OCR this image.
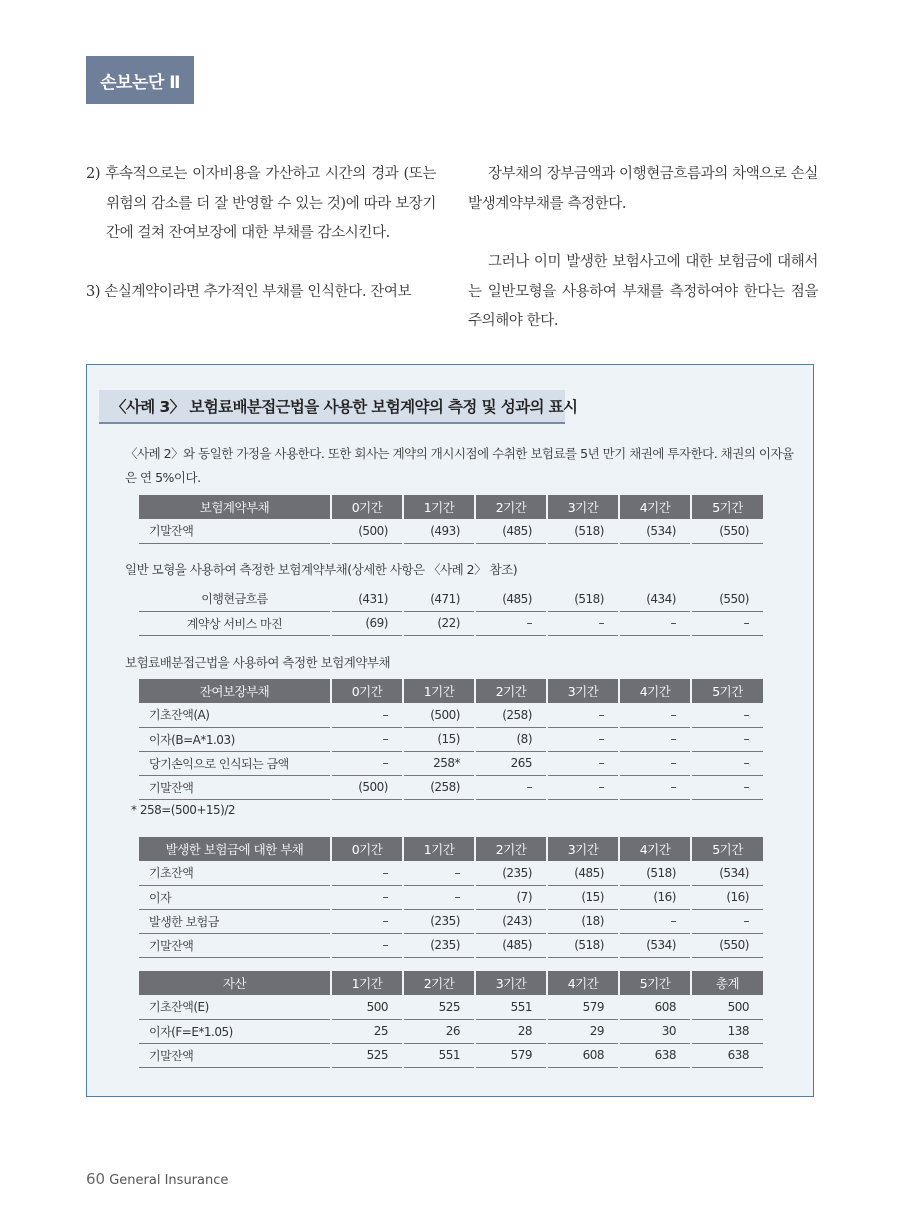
손보논단 Ⅱ

2) 후속적으로는 이자비용을 가산하고 시간의 경과 (또는 위험의 감소를 더 잘 반영할 수 있는 것)에 따라 보장기간에 걸쳐 잔여보장에 대한 부채를 감소시킨다.

3) 손실계약이라면 추가적인 부채를 인식한다. 잔여보

장부채의 장부금액과 이행현금흐름과의 차액으로 손실발생계약부채를 측정한다.

그러나 이미 발생한 보험사고에 대한 보험금에 대해서는 일반모형을 사용하여 부채를 측정하여야 한다는 점을 주의해야 한다.

〈사례 3〉 보험료배분접근법을 사용한 보험계약의 측정 및 성과의 표시

〈사례 2〉와 동일한 가정을 사용한다. 또한 회사는 계약의 개시시점에 수취한 보험료를 5년 만기 채권에 투자한다. 채권의 이자율은 연 5%이다.

보험계약부채	0기간	1기간	2기간	3기간	4기간	5기간
기말잔액	(500)	(493)	(485)	(518)	(534)	(550)
일반 모형을 사용하여 측정한 보험계약부채(상세한 사항은 〈사례 2〉 참조)
이행현금흐름	(431)	(471)	(485)	(518)	(434)	(550)
계약상 서비스 마진	(69)	(22)	–	–	–	–
보험료배분접근법을 사용하여 측정한 보험계약부채
잔여보장부채	0기간	1기간	2기간	3기간	4기간	5기간
기초잔액(A)	–	(500)	(258)	–	–	–
이자(B=A*1.03)	–	(15)	(8)	–	–	–
당기손익으로 인식되는 금액	–	258*	265	–	–	–
기말잔액	(500)	(258)	–	–	–	–
* 258=(500+15)/2
발생한 보험금에 대한 부채	0기간	1기간	2기간	3기간	4기간	5기간
기초잔액	–	–	(235)	(485)	(518)	(534)
이자	–	–	(7)	(15)	(16)	(16)
발생한 보험금	–	(235)	(243)	(18)	–	–
기말잔액	–	(235)	(485)	(518)	(534)	(550)
자산	1기간	2기간	3기간	4기간	5기간	총계
기초잔액(E)	500	525	551	579	608	500
이자(F=E*1.05)	25	26	28	29	30	138
기말잔액	525	551	579	608	638	638
60 General Insurance
